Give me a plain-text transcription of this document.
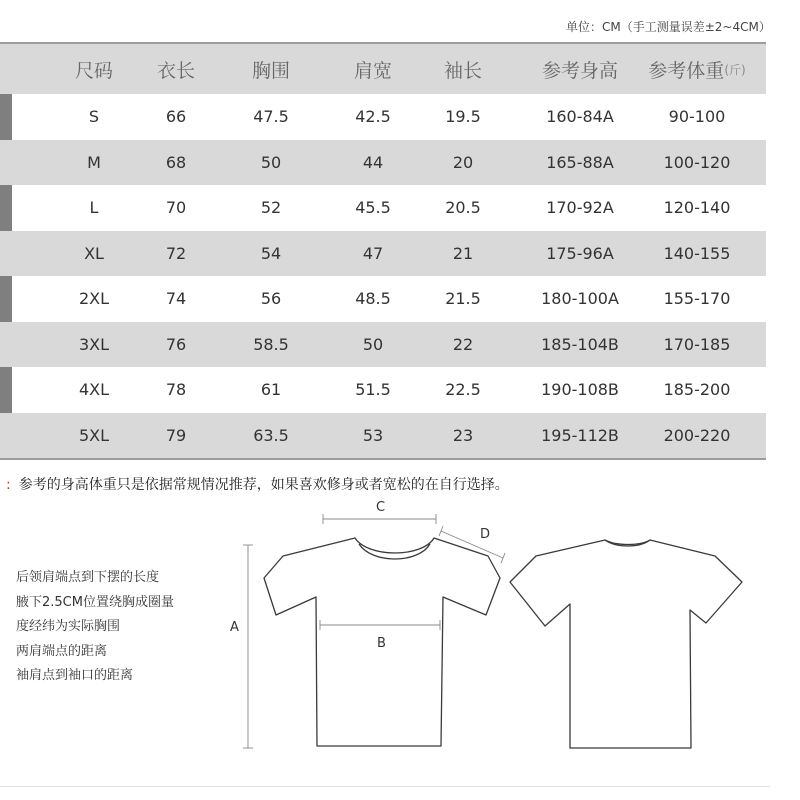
单位：CM（手工测量误差±2~4CM）
尺码	衣长	胸围	肩宽	袖长	参考身高	参考体重 (斤)
S	66	47.5	42.5	19.5	160-84A	90-100
M	68	50	44	20	165-88A	100-120
L	70	52	45.5	20.5	170-92A	120-140
XL	72	54	47	21	175-96A	140-155
2XL	74	56	48.5	21.5	180-100A	155-170
3XL	76	58.5	50	22	185-104B	170-185
4XL	78	61	51.5	22.5	190-108B	185-200
5XL	79	63.5	53	23	195-112B	200-220
: 参考的身高体重只是依据常规情况推荐，如果喜欢修身或者宽松的在自行选择。
后领肩端点到下摆的长度
腋下2.5CM位置绕胸成圈量
度经纬为实际胸围
两肩端点的距离
袖肩点到袖口的距离
A
B
C
D
